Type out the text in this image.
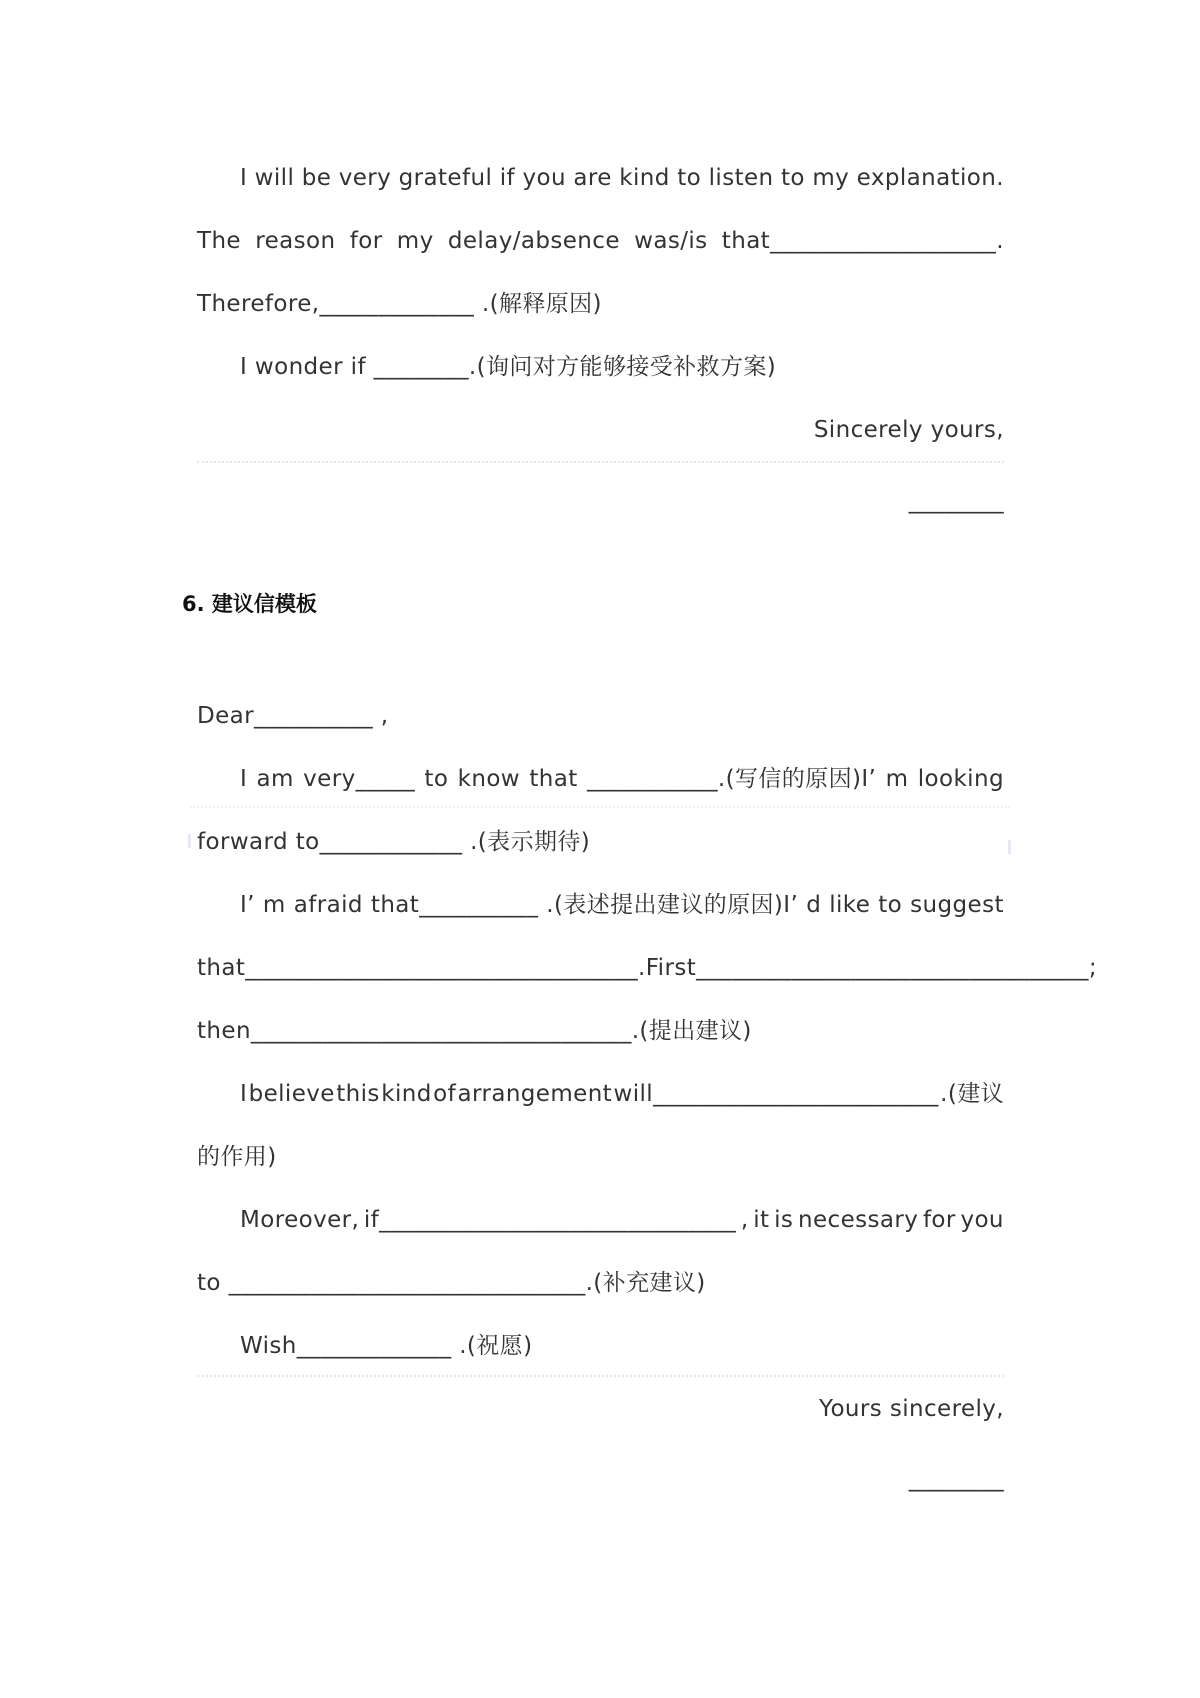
I will be very grateful if you are kind to listen to my explanation.
The reason for my delay/absence was/is that___________________.
Therefore,_____________ .(解释原因)
I wonder if ________.(询问对方能够接受补救方案)
Sincerely yours,
________
6. 建议信模板
Dear__________ ,
I am very_____ to know that ___________.(写信的原因)I’ m looking
forward to____________ .(表示期待)
I’ m afraid that__________ .(表述提出建议的原因)I’ d like to suggest
that_________________________________. First_________________________________ ;
then________________________________.(提出建议)
I believe this kind of arrangement will________________________ .(建议
的作用)
Moreover, if______________________________ , it is necessary for you
to ______________________________.(补充建议)
Wish_____________ .(祝愿)
Yours sincerely,
________
